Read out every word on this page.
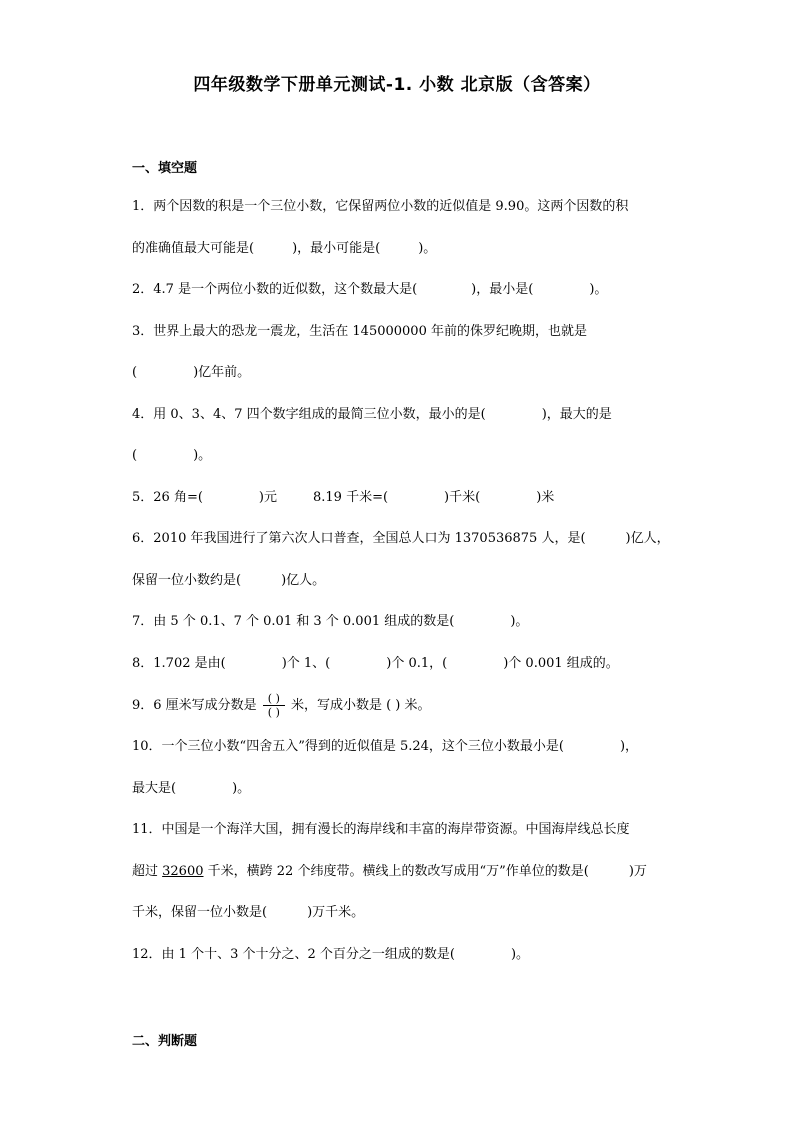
四年级数学下册单元测试-1. 小数 北京版（含答案）
一、填空题
1．两个因数的积是一个三位小数，它保留两位小数的近似值是 9.90。这两个因数的积
的准确值最大可能是(	)，最小可能是(	)。
2．4.7 是一个两位小数的近似数，这个数最大是(	)，最小是(	)。
3．世界上最大的恐龙一震龙，生活在 145000000 年前的侏罗纪晚期，也就是
(	)亿年前。
4．用 0、3、4、7 四个数字组成的最简三位小数，最小的是(	)，最大的是
(	)。
5．26 角=(	)元	8.19 千米=(	)千米(	)米
6．2010 年我国进行了第六次人口普查，全国总人口为 1370536875 人，是(	)亿人，
保留一位小数约是(	)亿人。
7．由 5 个 0.1、7 个 0.01 和 3 个 0.001 组成的数是(	)。
8．1.702 是由(	)个 1、(	)个 0.1，(	)个 0.001 组成的。
9．6 厘米写成分数是 $\frac{( )}{( )}$ 米，写成小数是 ( ) 米。
10．一个三位小数“四舍五入”得到的近似值是 5.24，这个三位小数最小是(	)，
最大是(	)。
11．中国是一个海洋大国，拥有漫长的海岸线和丰富的海岸带资源。中国海岸线总长度
超过 32600 千米，横跨 22 个纬度带。横线上的数改写成用“万”作单位的数是(	)万
千米，保留一位小数是(	)万千米。
12．由 1 个十、3 个十分之、2 个百分之一组成的数是(	)。
二、判断题
